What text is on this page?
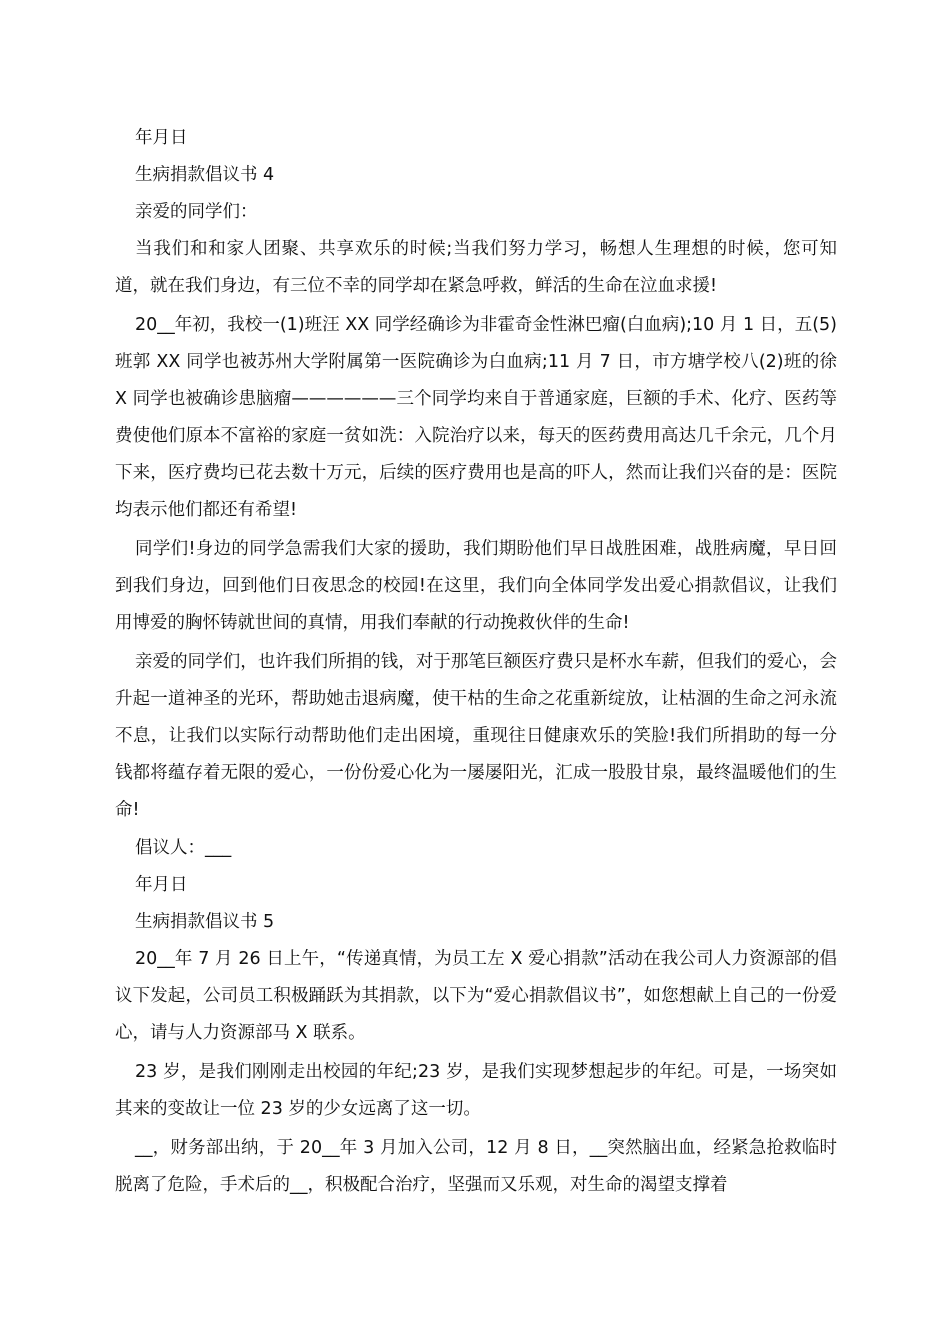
年月日

生病捐款倡议书 4

亲爱的同学们：

当我们和和家人团聚、共享欢乐的时候;当我们努力学习，畅想人生理想的时候，您可知道，就在我们身边，有三位不幸的同学却在紧急呼救，鲜活的生命在泣血求援!

20__年初，我校一(1)班汪 XX 同学经确诊为非霍奇金性淋巴瘤(白血病);10 月 1 日，五(5)班郭 XX 同学也被苏州大学附属第一医院确诊为白血病;11 月 7 日，市方塘学校八(2)班的徐 X 同学也被确诊患脑瘤——————三个同学均来自于普通家庭，巨额的手术、化疗、医药等费使他们原本不富裕的家庭一贫如洗：入院治疗以来，每天的医药费用高达几千余元，几个月下来，医疗费均已花去数十万元，后续的医疗费用也是高的吓人，然而让我们兴奋的是：医院均表示他们都还有希望!

同学们!身边的同学急需我们大家的援助，我们期盼他们早日战胜困难，战胜病魔，早日回到我们身边，回到他们日夜思念的校园!在这里，我们向全体同学发出爱心捐款倡议，让我们用博爱的胸怀铸就世间的真情，用我们奉献的行动挽救伙伴的生命!

亲爱的同学们，也许我们所捐的钱，对于那笔巨额医疗费只是杯水车薪，但我们的爱心，会升起一道神圣的光环，帮助她击退病魔，使干枯的生命之花重新绽放，让枯涸的生命之河永流不息，让我们以实际行动帮助他们走出困境，重现往日健康欢乐的笑脸!我们所捐助的每一分钱都将蕴存着无限的爱心，一份份爱心化为一屡屡阳光，汇成一股股甘泉，最终温暖他们的生命!

倡议人：___

年月日

生病捐款倡议书 5

20__年 7 月 26 日上午，“传递真情，为员工左 X 爱心捐款”活动在我公司人力资源部的倡议下发起，公司员工积极踊跃为其捐款，以下为“爱心捐款倡议书”，如您想献上自己的一份爱心，请与人力资源部马 X 联系。

23 岁，是我们刚刚走出校园的年纪;23 岁，是我们实现梦想起步的年纪。可是，一场突如其来的变故让一位 23 岁的少女远离了这一切。

__，财务部出纳，于 20__年 3 月加入公司，12 月 8 日，__突然脑出血，经紧急抢救临时脱离了危险，手术后的__，积极配合治疗，坚强而又乐观，对生命的渴望支撑着
